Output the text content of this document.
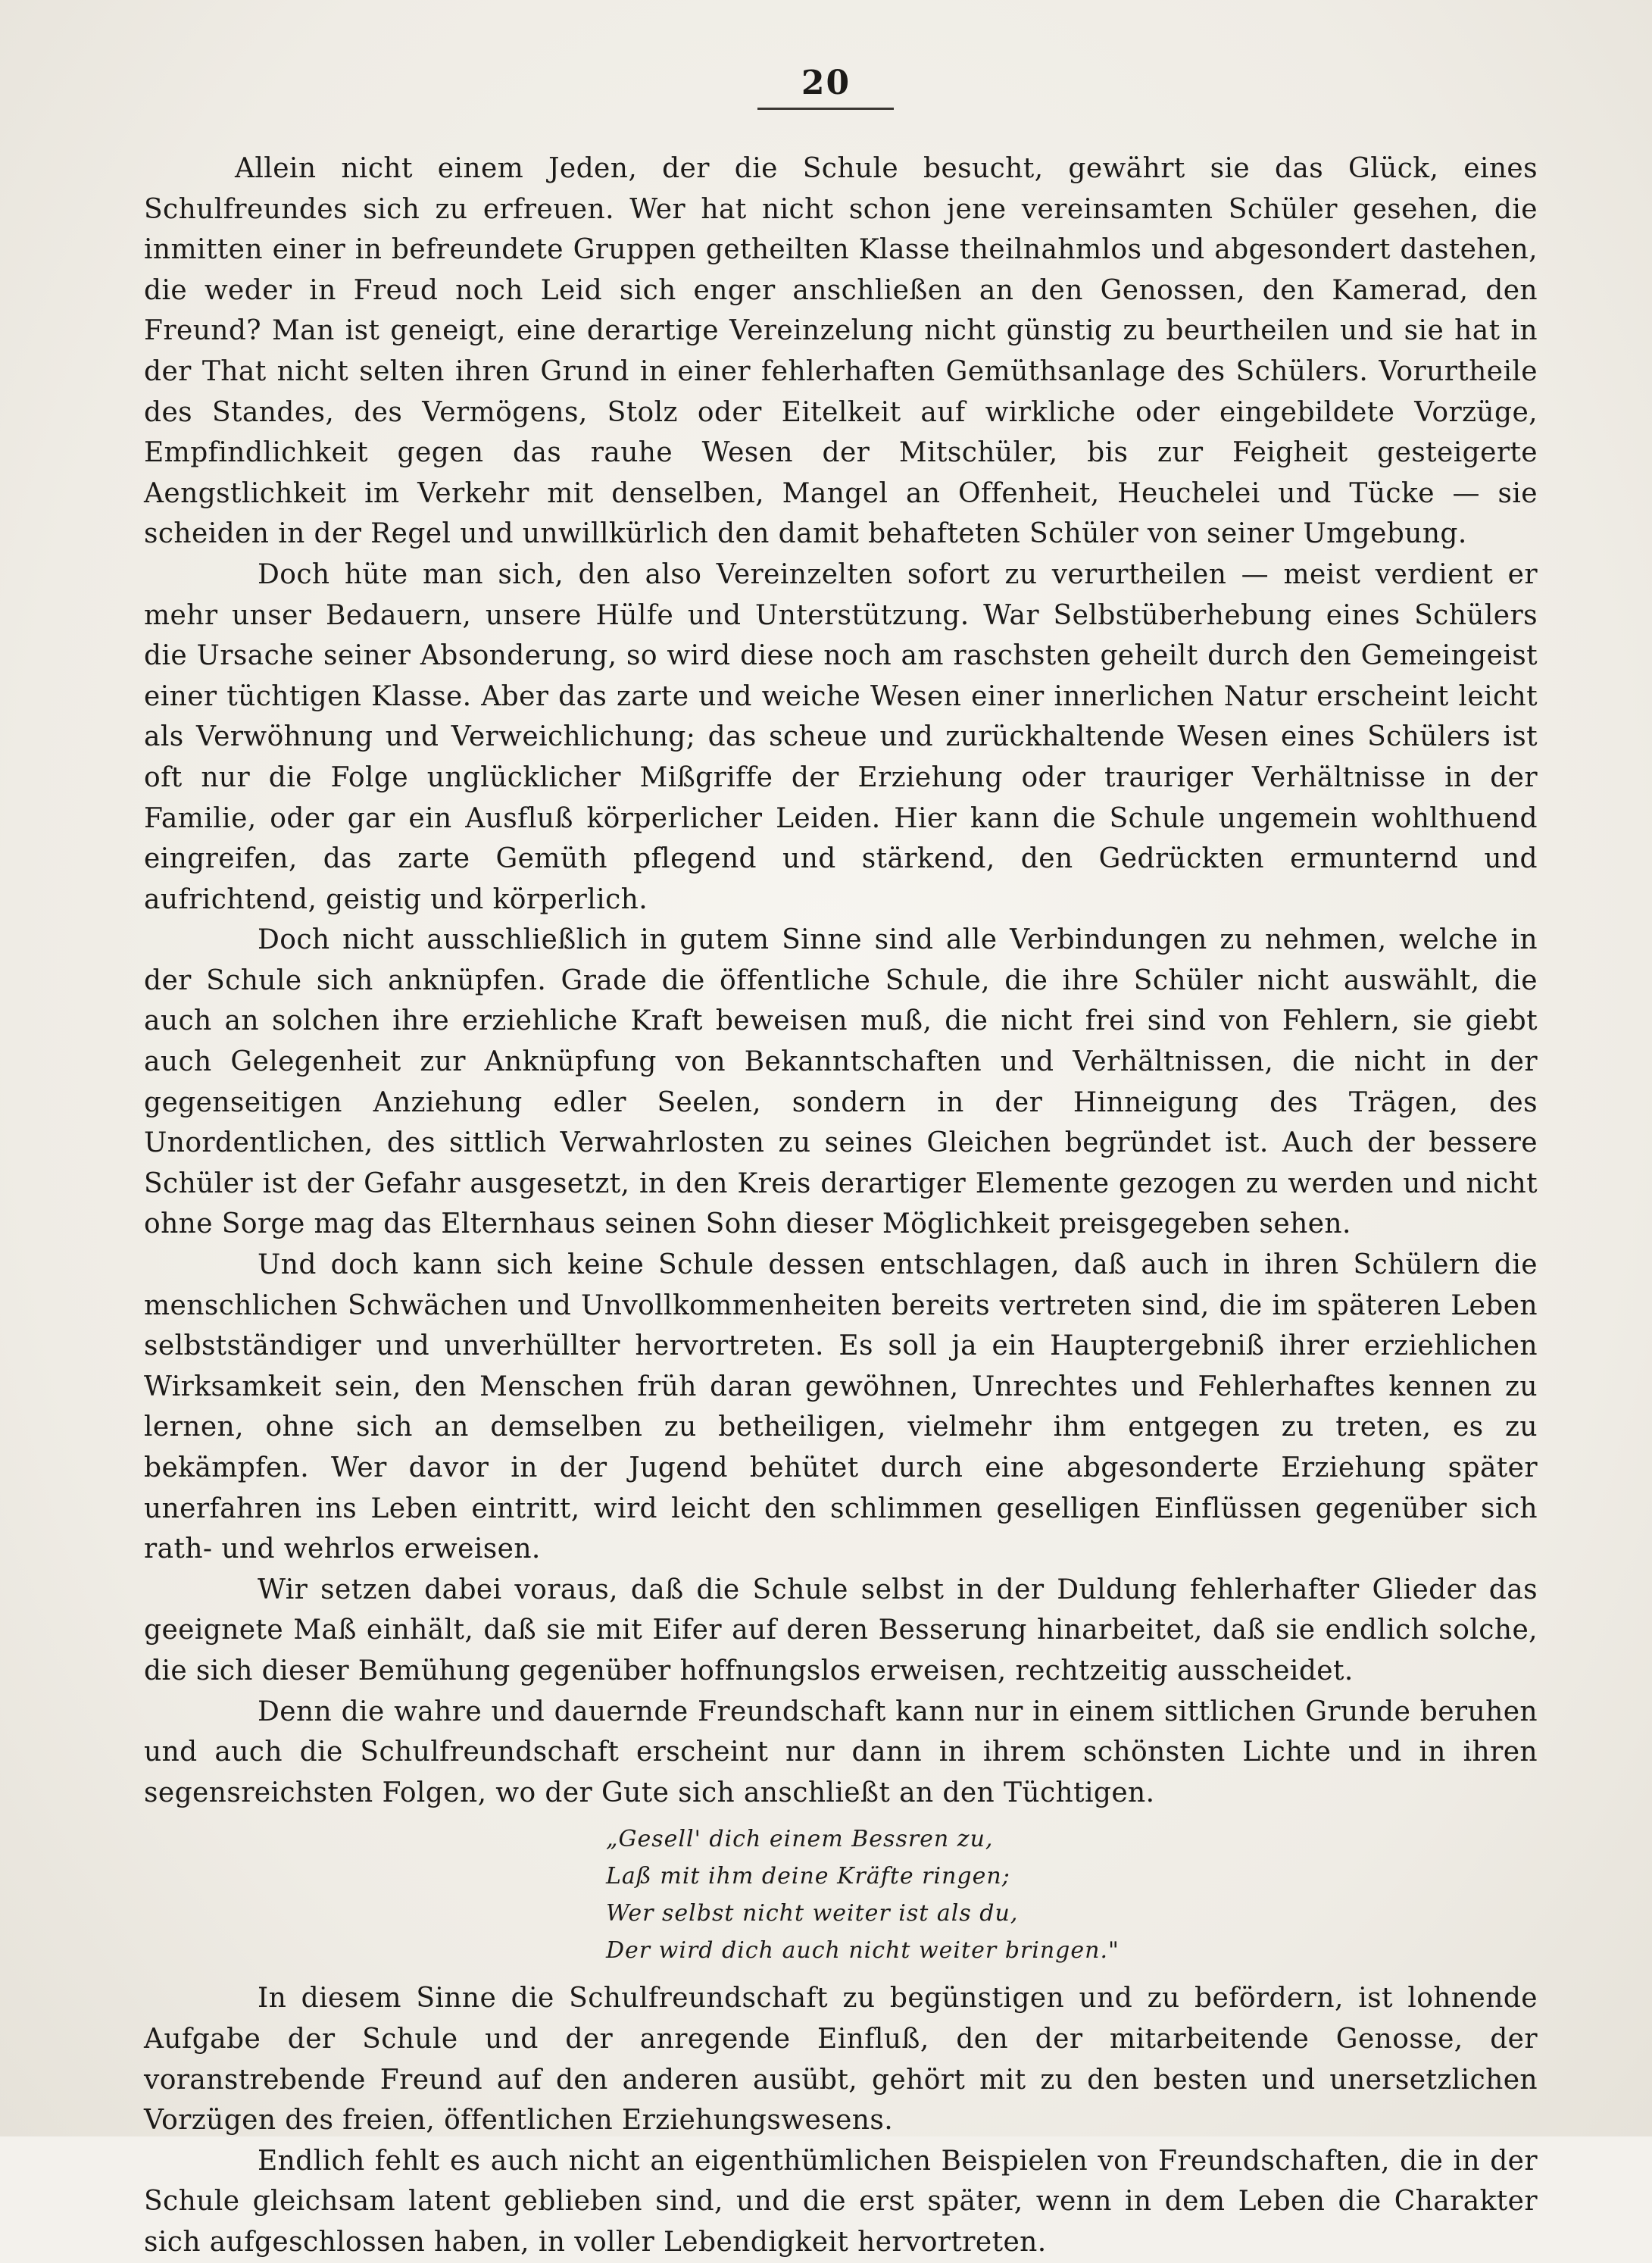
20

Allein nicht einem Jeden, der die Schule besucht, gewährt sie das Glück, eines Schulfreundes sich zu erfreuen. Wer hat nicht schon jene vereinsamten Schüler gesehen, die inmitten einer in befreundete Gruppen getheilten Klasse theilnahmlos und abgesondert dastehen, die weder in Freud noch Leid sich enger anschließen an den Genossen, den Kamerad, den Freund? Man ist geneigt, eine derartige Vereinzelung nicht günstig zu beurtheilen und sie hat in der That nicht selten ihren Grund in einer fehlerhaften Gemüthsanlage des Schülers. Vorurtheile des Standes, des Vermögens, Stolz oder Eitelkeit auf wirkliche oder eingebildete Vorzüge, Empfindlichkeit gegen das rauhe Wesen der Mitschüler, bis zur Feigheit gesteigerte Aengstlichkeit im Verkehr mit denselben, Mangel an Offenheit, Heuchelei und Tücke — sie scheiden in der Regel und unwillkürlich den damit behafteten Schüler von seiner Umgebung.

Doch hüte man sich, den also Vereinzelten sofort zu verurtheilen — meist verdient er mehr unser Bedauern, unsere Hülfe und Unterstützung. War Selbstüberhebung eines Schülers die Ursache seiner Absonderung, so wird diese noch am raschsten geheilt durch den Gemeingeist einer tüchtigen Klasse. Aber das zarte und weiche Wesen einer innerlichen Natur erscheint leicht als Verwöhnung und Verweichlichung; das scheue und zurückhaltende Wesen eines Schülers ist oft nur die Folge unglücklicher Mißgriffe der Erziehung oder trauriger Verhältnisse in der Familie, oder gar ein Ausfluß körperlicher Leiden. Hier kann die Schule ungemein wohlthuend eingreifen, das zarte Gemüth pflegend und stärkend, den Gedrückten ermunternd und aufrichtend, geistig und körperlich.

Doch nicht ausschließlich in gutem Sinne sind alle Verbindungen zu nehmen, welche in der Schule sich anknüpfen. Grade die öffentliche Schule, die ihre Schüler nicht auswählt, die auch an solchen ihre erziehliche Kraft beweisen muß, die nicht frei sind von Fehlern, sie giebt auch Gelegenheit zur Anknüpfung von Bekanntschaften und Verhältnissen, die nicht in der gegenseitigen Anziehung edler Seelen, sondern in der Hinneigung des Trägen, des Unordentlichen, des sittlich Verwahrlosten zu seines Gleichen begründet ist. Auch der bessere Schüler ist der Gefahr ausgesetzt, in den Kreis derartiger Elemente gezogen zu werden und nicht ohne Sorge mag das Elternhaus seinen Sohn dieser Möglichkeit preisgegeben sehen.

Und doch kann sich keine Schule dessen entschlagen, daß auch in ihren Schülern die menschlichen Schwächen und Unvollkommenheiten bereits vertreten sind, die im späteren Leben selbstständiger und unverhüllter hervortreten. Es soll ja ein Hauptergebniß ihrer erziehlichen Wirksamkeit sein, den Menschen früh daran gewöhnen, Unrechtes und Fehlerhaftes kennen zu lernen, ohne sich an demselben zu betheiligen, vielmehr ihm entgegen zu treten, es zu bekämpfen. Wer davor in der Jugend behütet durch eine abgesonderte Erziehung später unerfahren ins Leben eintritt, wird leicht den schlimmen geselligen Einflüssen gegenüber sich rath- und wehrlos erweisen.

Wir setzen dabei voraus, daß die Schule selbst in der Duldung fehlerhafter Glieder das geeignete Maß einhält, daß sie mit Eifer auf deren Besserung hinarbeitet, daß sie endlich solche, die sich dieser Bemühung gegenüber hoffnungslos erweisen, rechtzeitig ausscheidet.

Denn die wahre und dauernde Freundschaft kann nur in einem sittlichen Grunde beruhen und auch die Schulfreundschaft erscheint nur dann in ihrem schönsten Lichte und in ihren segensreichsten Folgen, wo der Gute sich anschließt an den Tüchtigen.

„Gesell' dich einem Bessren zu,
Laß mit ihm deine Kräfte ringen;
Wer selbst nicht weiter ist als du,
Der wird dich auch nicht weiter bringen."

In diesem Sinne die Schulfreundschaft zu begünstigen und zu befördern, ist lohnende Aufgabe der Schule und der anregende Einfluß, den der mitarbeitende Genosse, der voranstrebende Freund auf den anderen ausübt, gehört mit zu den besten und unersetzlichen Vorzügen des freien, öffentlichen Erziehungswesens.

Endlich fehlt es auch nicht an eigenthümlichen Beispielen von Freundschaften, die in der Schule gleichsam latent geblieben sind, und die erst später, wenn in dem Leben die Charakter sich aufgeschlossen haben, in voller Lebendigkeit hervortreten.
